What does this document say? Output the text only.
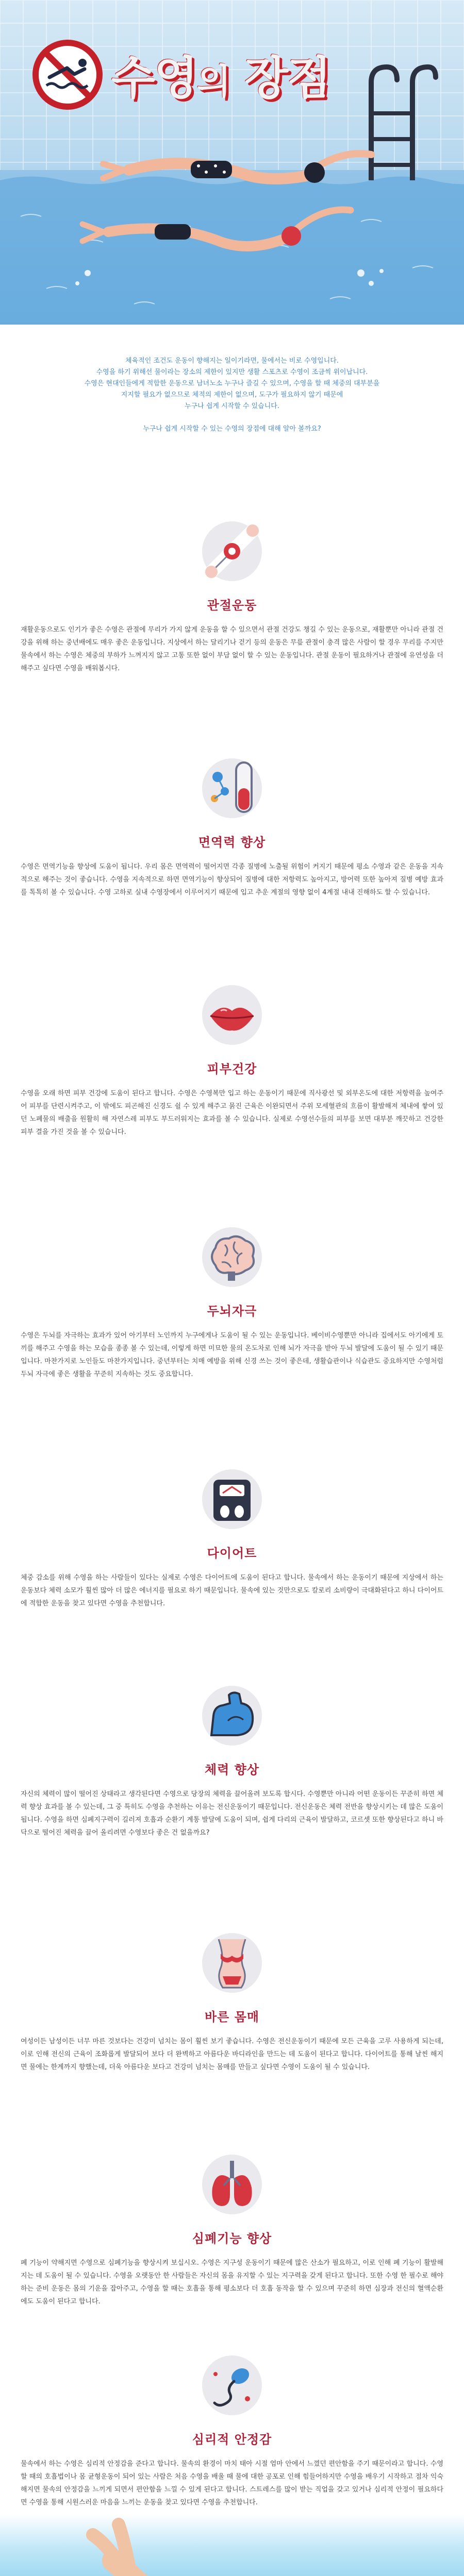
수영의 장점

체육적인 조건도 운동이 향해지는 일이기라면, 물에서는 비로 수영입니다.

수영을 하기 위해선 물이라는 장소의 제한이 있지만 생활 스포츠로 수영이 조금씩 위이납니다.

수영은 현대인들에게 적합한 운동으로 남녀노소 누구나 즐길 수 있으며, 수영을 할 때 체중의 대부분을

지지할 필요가 없으므로 체적의 제한이 없으며, 도구가 필요하지 않기 때문에

누구나 쉽게 시작할 수 있습니다.

누구나 쉽게 시작할 수 있는 수영의 장점에 대해 알아 볼까요?

관절운동

재활운동으로도 인기가 좋은 수영은 관절에 무리가 가지 않게 운동을 할 수 있으면서 관절 건강도 챙길 수 있는 운동으로, 재활뿐만 아니라 관절 건강을 위해 하는 중년배에도 매우 좋은 운동입니다. 지상에서 하는 달리기나 걷기 등의 운동은 무릎 관절이 충격 많은 사람이 할 경우 무리를 주지만 물속에서 하는 수영은 체중의 부하가 느껴지지 않고 고통 또한 없이 부담 없이 할 수 있는 운동입니다. 관절 운동이 필요하거나 관절에 유연성을 더해주고 싶다면 수영을 배워봅시다.

면역력 향상

수영은 면역기능을 향상에 도움이 됩니다. 우리 몸은 면역력이 떨어지면 각종 질병에 노출될 위험이 커지기 때문에 평소 수영과 같은 운동을 지속적으로 해주는 것이 좋습니다. 수영을 지속적으로 하면 면역기능이 향상되어 질병에 대한 저항력도 높아지고, 방어력 또한 높아져 질병 예방 효과를 톡톡히 볼 수 있습니다. 수영 고하로 실내 수영장에서 이루어지기 때문에 입고 추운 계절의 영향 없이 4계절 내내 진해하도 할 수 있습니다.

피부건강

수영을 오래 하면 피부 건강에 도움이 된다고 합니다. 수영은 수영복만 입고 하는 운동이기 때문에 직사광선 및 외부온도에 대한 저항력을 높여주어 피부를 단련시켜주고, 이 밖에도 피곤해진 신경도 쉴 수 있게 해주고 묽진 근육은 이완되면서 주위 모세혈관의 흐름이 활발해져 체내에 쌓여 있던 노폐물의 배출을 원활히 해 자연스레 피부도 부드러워지는 효과를 볼 수 있습니다. 실제로 수영선수들의 피부를 보면 대부분 깨끗하고 건강한 피부 결을 가진 것을 볼 수 있습니다.

두뇌자극

수영은 두뇌를 자극하는 효과가 있어 아기부터 노인까지 누구에게나 도움이 될 수 있는 운동입니다. 베이비수영뿐만 아니라 집에서도 아기에게 토끼를 해주고 수영을 하는 모습을 종종 볼 수 있는데, 이렇게 하면 미묘한 물의 온도차로 인해 뇌가 자극을 받아 두뇌 발달에 도움이 될 수 있기 때문입니다. 마찬가지로 노인들도 마찬가지입니다. 중년부터는 치매 예방을 위해 신경 쓰는 것이 좋은데, 생활습관이나 식습관도 중요하지만 수영처럼 두뇌 자극에 좋은 생활을 꾸준히 지속하는 것도 중요합니다.

다이어트

체중 감소를 위해 수영을 하는 사람들이 있다는 실제로 수영은 다이어트에 도움이 된다고 합니다. 물속에서 하는 운동이기 때문에 지상에서 하는 운동보다 체력 소모가 훨씬 많아 더 많은 에너지를 필요로 하기 때문입니다. 물속에 있는 것만으로도 칼로리 소비량이 극대화된다고 하니 다이어트에 적합한 운동을 찾고 있다면 수영을 추천합니다.

체력 향상

자신의 체력이 많이 떨어진 상태라고 생각된다면 수영으로 당장의 체력을 끌어올려 보도록 합시다. 수영뿐만 아니라 어떤 운동이든 꾸준히 하면 체력 향상 효과를 볼 수 있는데, 그 중 특히도 수영을 추천하는 이유는 전신운동이기 때문입니다. 전신운동은 체력 전반을 향상시키는 데 많은 도움이 됩니다. 수영을 하면 심폐지구력이 길러져 호흡과 순환기 계통 발달에 도움이 되며, 쉽게 다리의 근육이 발달하고, 코르셋 또한 향상된다고 하니 바닥으로 떨어진 체력을 끌어 올리려면 수영보다 좋은 건 없을까요?

바른 몸매

여성이든 남성이든 너무 마른 것보다는 건강미 넘치는 몸이 훨씬 보기 좋습니다. 수영은 전신운동이기 때문에 모든 근육을 고루 사용하게 되는데, 이로 인해 전신의 근육이 조화롭게 발달되어 보다 더 완벽하고 아름다운 바디라인을 만드는 데 도움이 된다고 합니다. 다이어트를 통해 날씬 해지면 물에는 한계까지 향했는데, 더욱 아름다운 보다고 건강미 넘치는 몸매를 만들고 싶다면 수영이 도움이 될 수 있습니다.

심폐기능 향상

폐 기능이 약해지면 수영으로 심폐기능을 향상시켜 보십시오. 수영은 지구성 운동이기 때문에 많은 산소가 필요하고, 이로 인해 폐 기능이 활발해지는 데 도움이 될 수 있습니다. 수영을 오랫동안 한 사람들은 자신의 몸을 유지할 수 있는 지구력을 갖게 된다고 합니다. 또한 수영 한 필수로 해야 하는 준비 운동은 몸의 기운을 잡아주고, 수영을 할 때는 호흡을 통해 평소보다 더 호흡 동작을 할 수 있으며 꾸준히 하면 심장과 전신의 혈액순환에도 도움이 된다고 합니다.

심리적 안정감

물속에서 하는 수영은 심리적 안정감을 준다고 합니다. 물속의 환경이 마치 태아 시절 엄마 안에서 느꼈던 편안함을 주기 때문이라고 합니다. 수영할 때의 호흡법이나 몸 균형운동이 되어 있는 사람은 처음 수영을 배울 때 물에 대한 공포로 인해 힘들어하지만 수영을 배우기 시작하고 점차 익숙해지면 물속의 안정감을 느끼게 되면서 편안함을 느낄 수 있게 된다고 합니다. 스트레스를 많이 받는 직업을 갖고 있거나 심리적 안정이 필요하다면 수영을 통해 시원스러운 마음을 느끼는 운동을 찾고 있다면 수영을 추천합니다.
